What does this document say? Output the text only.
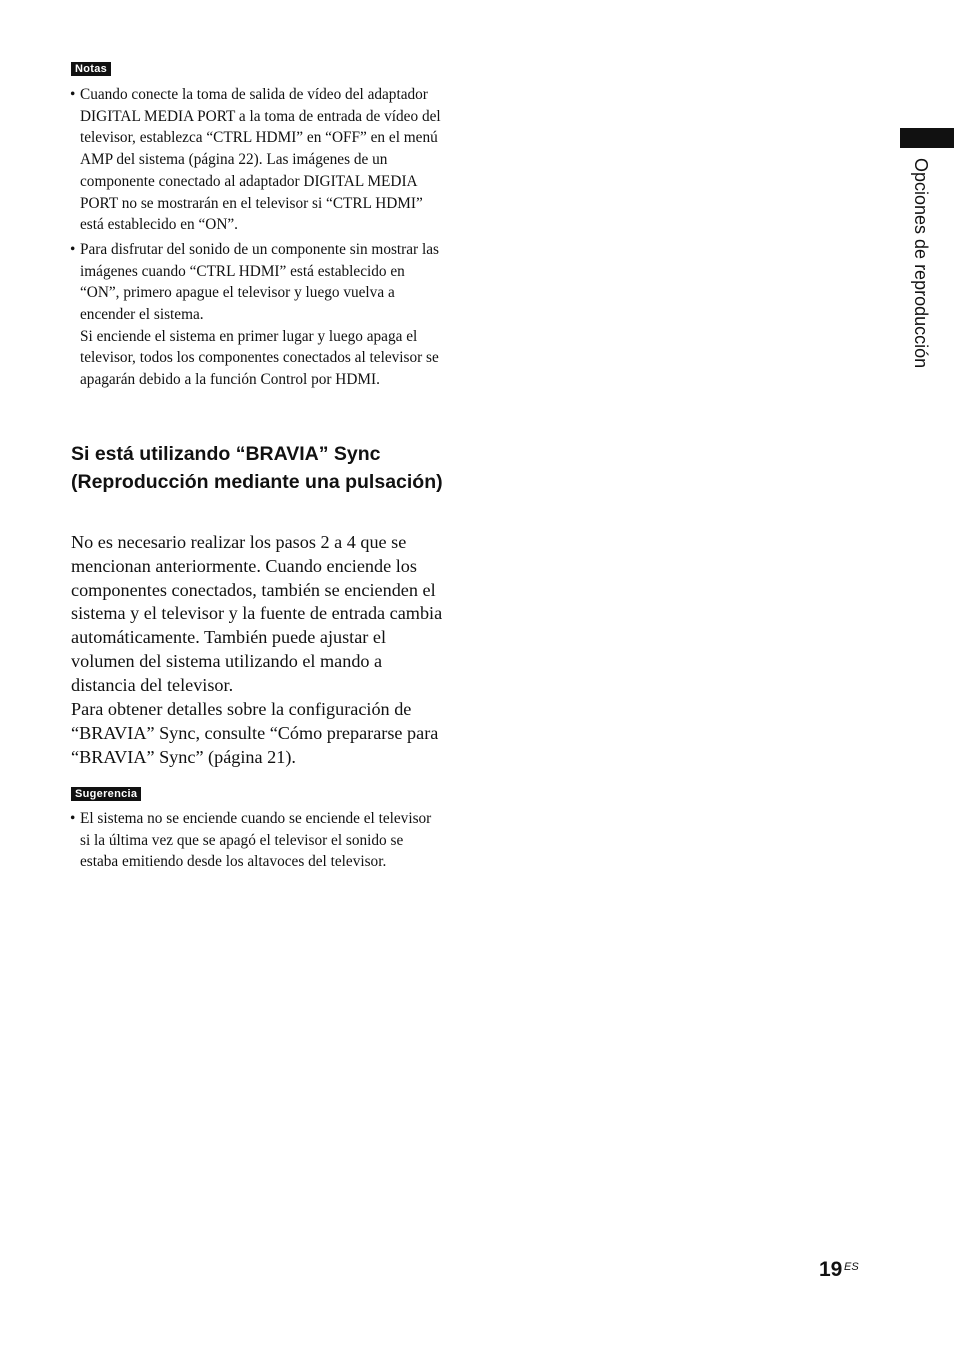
Notas
• Cuando conecte la toma de salida de vídeo del adaptador DIGITAL MEDIA PORT a la toma de entrada de vídeo del televisor, establezca “CTRL HDMI” en “OFF” en el menú AMP del sistema (página 22). Las imágenes de un componente conectado al adaptador DIGITAL MEDIA PORT no se mostrarán en el televisor si “CTRL HDMI” está establecido en “ON”.

• Para disfrutar del sonido de un componente sin mostrar las imágenes cuando “CTRL HDMI” está establecido en “ON”, primero apague el televisor y luego vuelva a encender el sistema.

Si enciende el sistema en primer lugar y luego apaga el televisor, todos los componentes conectados al televisor se apagarán debido a la función Control por HDMI.

Si está utilizando “BRAVIA” Sync (Reproducción mediante una pulsación)

No es necesario realizar los pasos 2 a 4 que se mencionan anteriormente. Cuando enciende los componentes conectados, también se encienden el sistema y el televisor y la fuente de entrada cambia automáticamente. También puede ajustar el volumen del sistema utilizando el mando a distancia del televisor.

Para obtener detalles sobre la configuración de “BRAVIA” Sync, consulte “Cómo prepararse para “BRAVIA” Sync” (página 21).

Sugerencia
• El sistema no se enciende cuando se enciende el televisor si la última vez que se apagó el televisor el sonido se estaba emitiendo desde los altavoces del televisor.

Opciones de reproducción
19 ES
